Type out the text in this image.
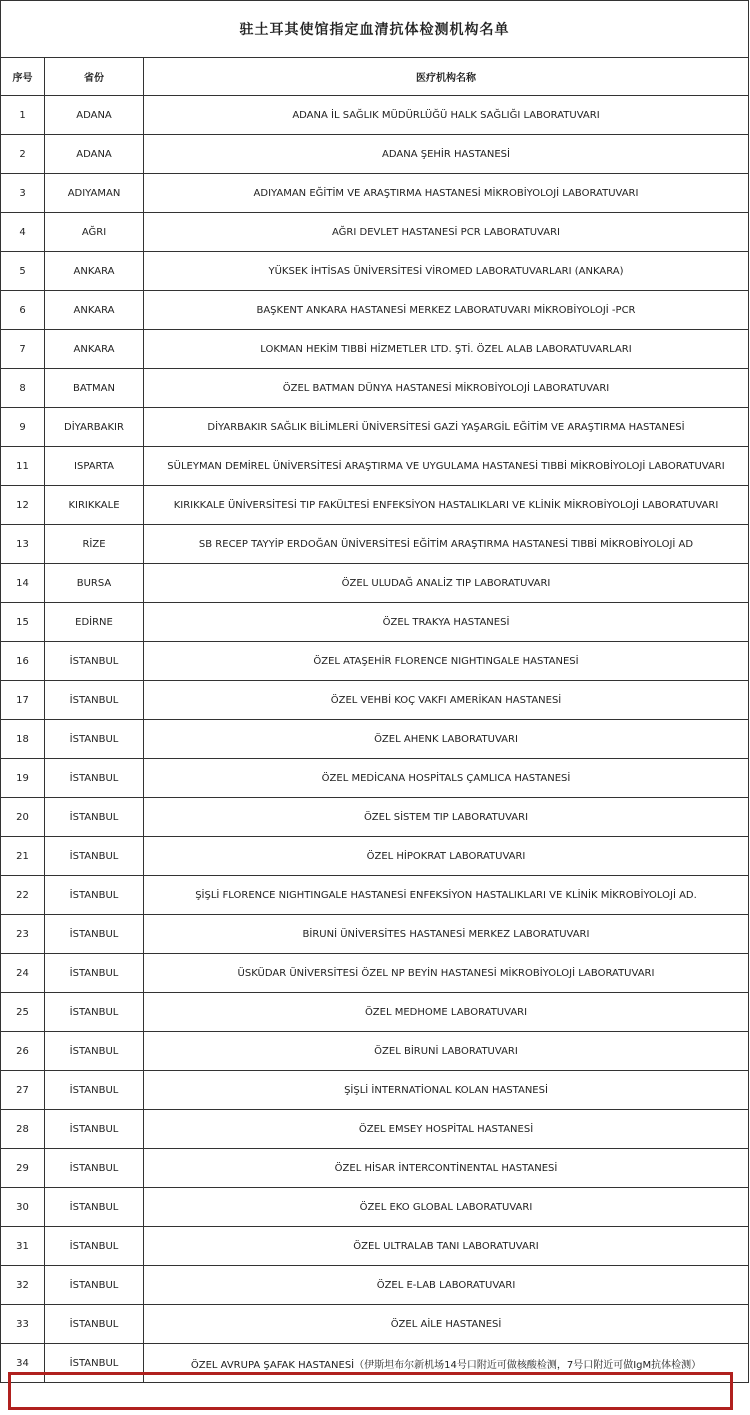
驻土耳其使馆指定血清抗体检测机构名单		
序号	省份	医疗机构名称
1	ADANA	ADANA İL SAĞLIK MÜDÜRLÜĞÜ HALK SAĞLIĞI LABORATUVARI
2	ADANA	ADANA ŞEHİR HASTANESİ
3	ADIYAMAN	ADIYAMAN EĞİTİM VE ARAŞTIRMA HASTANESİ MİKROBİYOLOJİ LABORATUVARI
4	AĞRI	AĞRI DEVLET HASTANESİ PCR LABORATUVARI
5	ANKARA	YÜKSEK İHTİSAS ÜNİVERSİTESİ VİROMED LABORATUVARLARI (ANKARA)
6	ANKARA	BAŞKENT ANKARA HASTANESİ MERKEZ LABORATUVARI MİKROBİYOLOJİ -PCR
7	ANKARA	LOKMAN HEKİM TIBBİ HİZMETLER LTD. ŞTİ. ÖZEL ALAB LABORATUVARLARI
8	BATMAN	ÖZEL BATMAN DÜNYA HASTANESİ MİKROBİYOLOJİ LABORATUVARI
9	DİYARBAKIR	DİYARBAKIR SAĞLIK BİLİMLERİ ÜNİVERSİTESİ GAZİ YAŞARGİL EĞİTİM VE ARAŞTIRMA HASTANESİ
11	ISPARTA	SÜLEYMAN DEMİREL ÜNİVERSİTESİ ARAŞTIRMA VE UYGULAMA HASTANESİ TIBBİ MİKROBİYOLOJİ LABORATUVARI
12	KIRIKKALE	KIRIKKALE ÜNİVERSİTESİ TIP FAKÜLTESİ ENFEKSİYON HASTALIKLARI VE KLİNİK MİKROBİYOLOJİ LABORATUVARI
13	RİZE	SB RECEP TAYYİP ERDOĞAN ÜNİVERSİTESİ EĞİTİM ARAŞTIRMA HASTANESİ TIBBİ MİKROBİYOLOJİ AD
14	BURSA	ÖZEL ULUDAĞ ANALİZ TIP LABORATUVARI
15	EDİRNE	ÖZEL TRAKYA HASTANESİ
16	İSTANBUL	ÖZEL ATAŞEHİR FLORENCE NIGHTINGALE HASTANESİ
17	İSTANBUL	ÖZEL VEHBİ KOÇ VAKFI AMERİKAN HASTANESİ
18	İSTANBUL	ÖZEL AHENK LABORATUVARI
19	İSTANBUL	ÖZEL MEDİCANA HOSPİTALS ÇAMLICA HASTANESİ
20	İSTANBUL	ÖZEL SİSTEM TIP LABORATUVARI
21	İSTANBUL	ÖZEL HİPOKRAT LABORATUVARI
22	İSTANBUL	ŞİŞLİ FLORENCE NIGHTINGALE HASTANESİ ENFEKSİYON HASTALIKLARI VE KLİNİK MİKROBİYOLOJİ AD.
23	İSTANBUL	BİRUNİ ÜNİVERSİTES HASTANESİ MERKEZ LABORATUVARI
24	İSTANBUL	ÜSKÜDAR ÜNİVERSİTESİ ÖZEL NP BEYİN HASTANESİ MİKROBİYOLOJİ LABORATUVARI
25	İSTANBUL	ÖZEL MEDHOME LABORATUVARI
26	İSTANBUL	ÖZEL BİRUNİ LABORATUVARI
27	İSTANBUL	ŞİŞLİ İNTERNATİONAL KOLAN HASTANESİ
28	İSTANBUL	ÖZEL EMSEY HOSPİTAL HASTANESİ
29	İSTANBUL	ÖZEL HİSAR İNTERCONTİNENTAL HASTANESİ
30	İSTANBUL	ÖZEL EKO GLOBAL LABORATUVARI
31	İSTANBUL	ÖZEL ULTRALAB TANI LABORATUVARI
32	İSTANBUL	ÖZEL E-LAB LABORATUVARI
33	İSTANBUL	ÖZEL AİLE HASTANESİ
34	İSTANBUL	ÖZEL AVRUPA ŞAFAK HASTANESİ（伊斯坦布尔新机场14号口附近可做核酸检测，7号口附近可做IgM抗体检测）
